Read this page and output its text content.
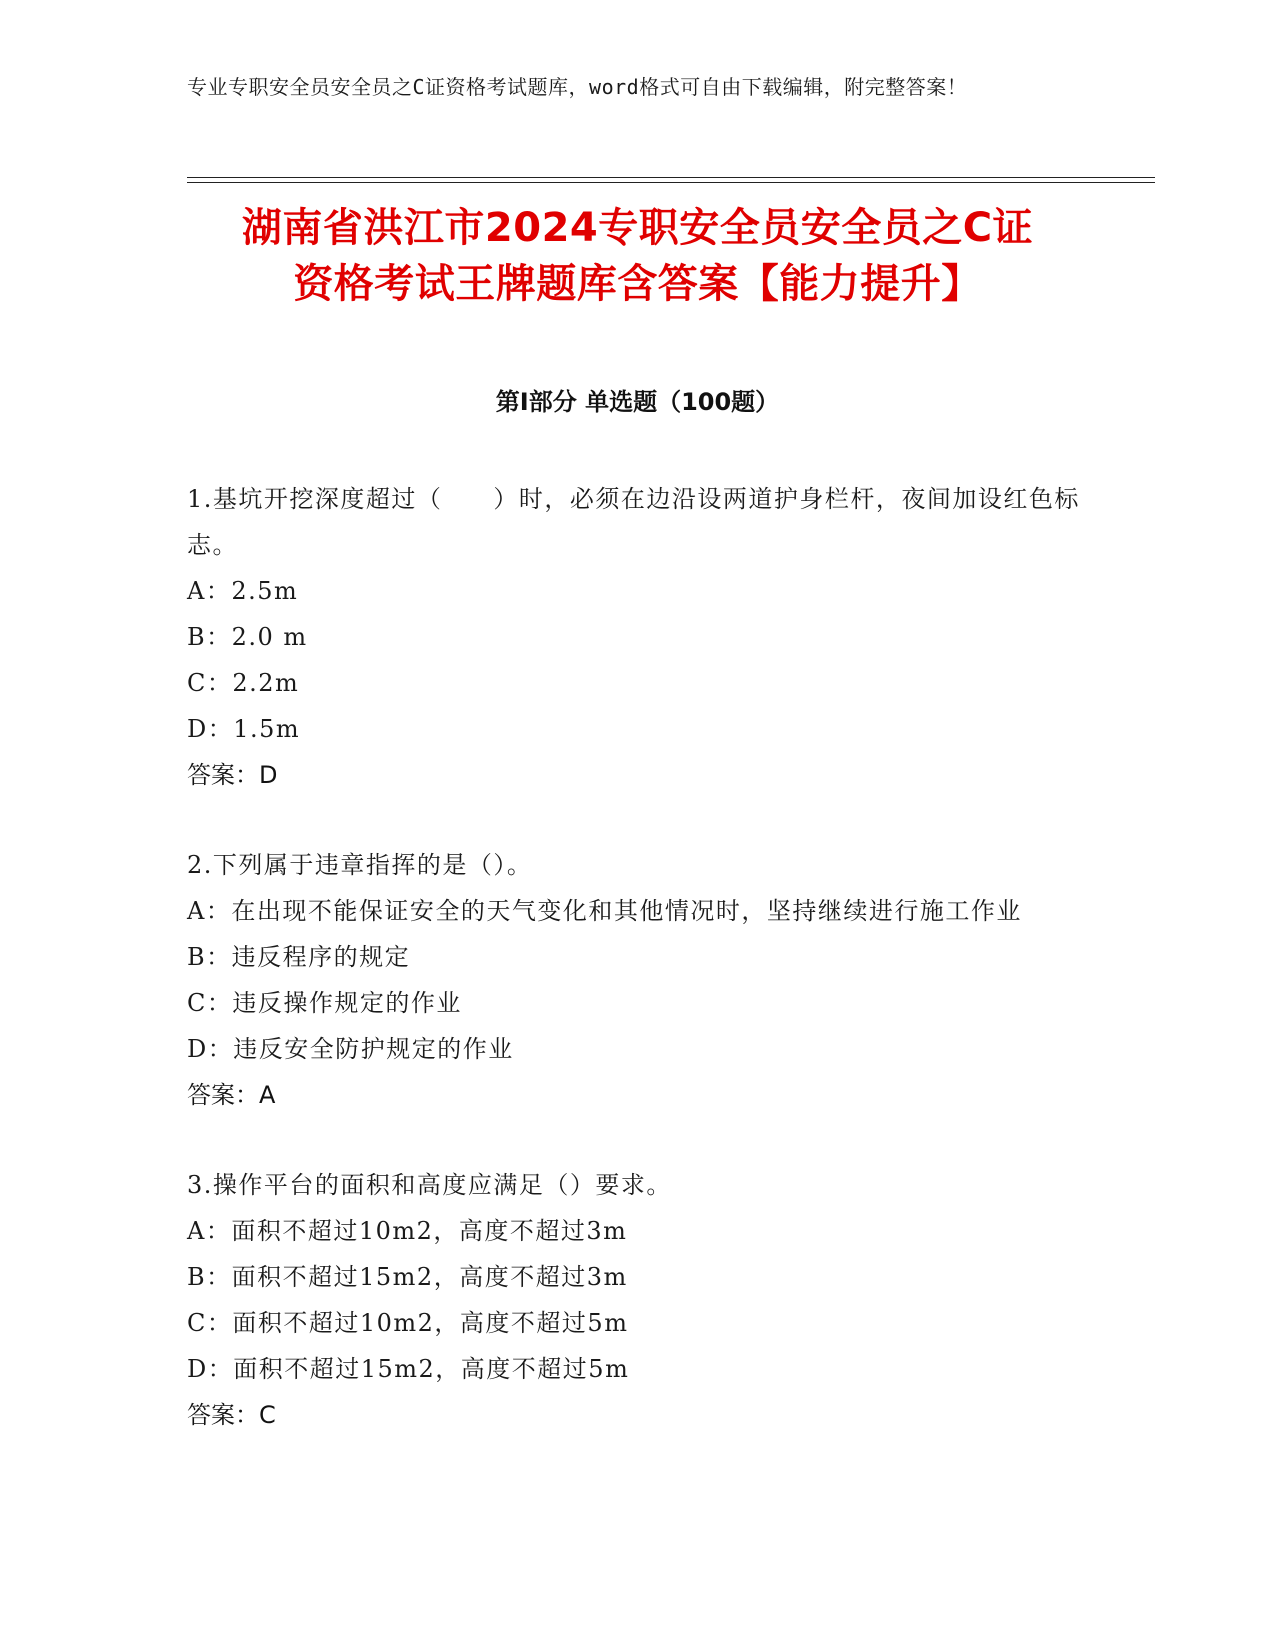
专业专职安全员安全员之C证资格考试题库，word格式可自由下载编辑，附完整答案！
湖南省洪江市2024专职安全员安全员之C证
资格考试王牌题库含答案【能力提升】
第Ⅰ部分 单选题（100题）
1.基坑开挖深度超过（　　）时，必须在边沿设两道护身栏杆，夜间加设红色标志。
A：2.5m
B：2.0 m
C：2.2m
D：1.5m
答案：D
2.下列属于违章指挥的是（）。
A：在出现不能保证安全的天气变化和其他情况时，坚持继续进行施工作业
B：违反程序的规定
C：违反操作规定的作业
D：违反安全防护规定的作业
答案：A
3.操作平台的面积和高度应满足（）要求。
A：面积不超过10m2，高度不超过3m
B：面积不超过15m2，高度不超过3m
C：面积不超过10m2，高度不超过5m
D：面积不超过15m2，高度不超过5m
答案：C
